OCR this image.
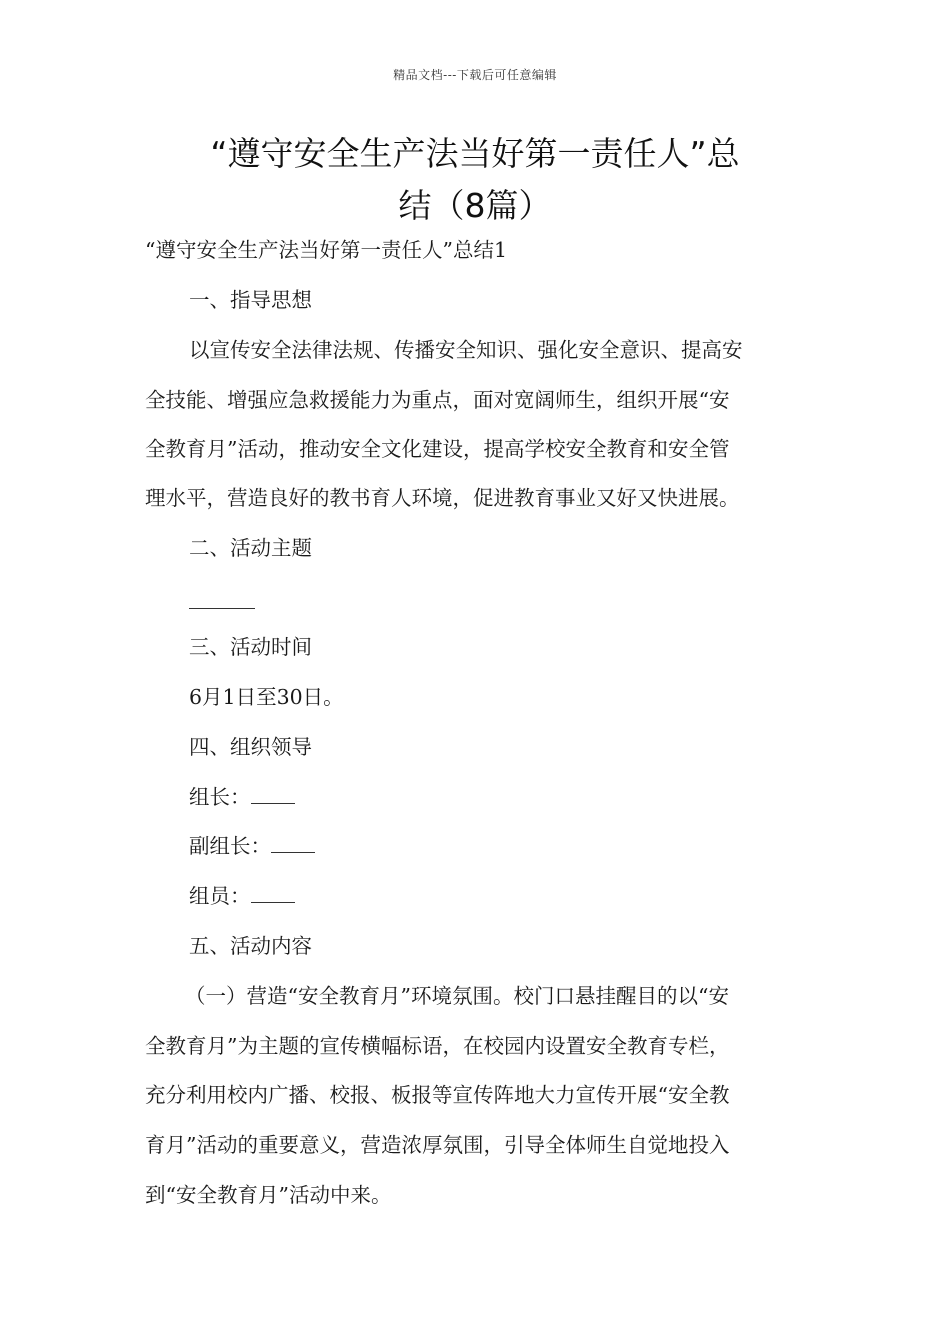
精品文档---下载后可任意编辑
“遵守安全生产法当好第一责任人”总
结（8篇）
“遵守安全生产法当好第一责任人”总结1
一、指导思想
以宣传安全法律法规、传播安全知识、强化安全意识、提高安
全技能、增强应急救援能力为重点，面对宽阔师生，组织开展“安
全教育月”活动，推动安全文化建设，提高学校安全教育和安全管
理水平，营造良好的教书育人环境，促进教育事业又好又快进展。
二、活动主题
三、活动时间
6月1日至30日。
四、组织领导
组长：
副组长：
组员：
五、活动内容
（一）营造“安全教育月”环境氛围。校门口悬挂醒目的以“安
全教育月”为主题的宣传横幅标语，在校园内设置安全教育专栏，
充分利用校内广播、校报、板报等宣传阵地大力宣传开展“安全教
育月”活动的重要意义，营造浓厚氛围，引导全体师生自觉地投入
到“安全教育月”活动中来。
